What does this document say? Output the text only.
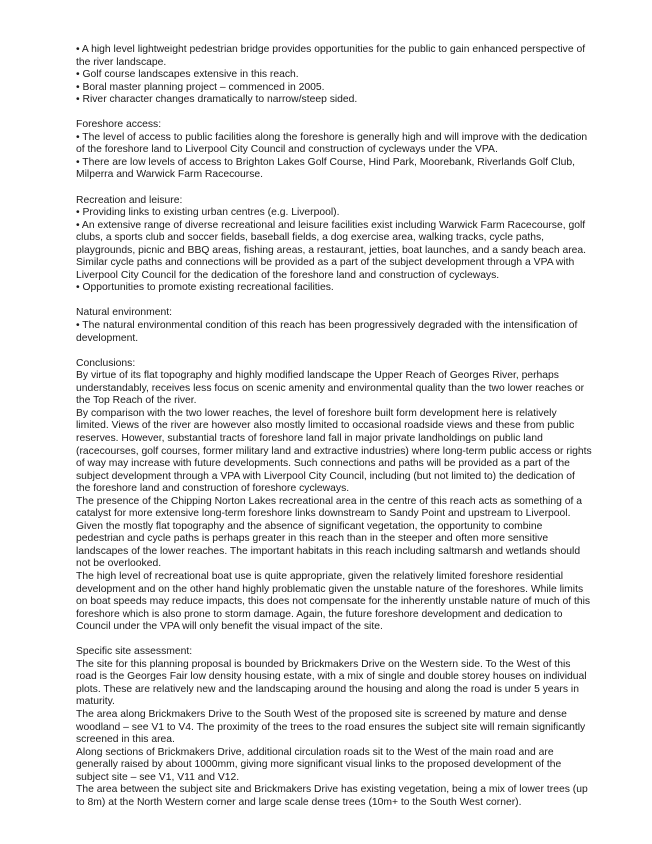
• A high level lightweight pedestrian bridge provides opportunities for the public to gain enhanced perspective of the river landscape.
• Golf course landscapes extensive in this reach.
• Boral master planning project – commenced in 2005.
• River character changes dramatically to narrow/steep sided.
Foreshore access:
• The level of access to public facilities along the foreshore is generally high and will improve with the dedication of the foreshore land to Liverpool City Council and construction of cycleways under the VPA.
• There are low levels of access to Brighton Lakes Golf Course, Hind Park, Moorebank, Riverlands Golf Club, Milperra and Warwick Farm Racecourse.
Recreation and leisure:
• Providing links to existing urban centres (e.g. Liverpool).
• An extensive range of diverse recreational and leisure facilities exist including Warwick Farm Racecourse, golf clubs, a sports club and soccer fields, baseball fields, a dog exercise area, walking tracks, cycle paths, playgrounds, picnic and BBQ areas, fishing areas, a restaurant, jetties, boat launches, and a sandy beach area. Similar cycle paths and connections will be provided as a part of the subject development through a VPA with Liverpool City Council for the dedication of the foreshore land and construction of cycleways.
• Opportunities to promote existing recreational facilities.
Natural environment:
• The natural environmental condition of this reach has been progressively degraded with the intensification of development.
Conclusions:
By virtue of its flat topography and highly modified landscape the Upper Reach of Georges River, perhaps understandably, receives less focus on scenic amenity and environmental quality than the two lower reaches or the Top Reach of the river.
By comparison with the two lower reaches, the level of foreshore built form development here is relatively limited. Views of the river are however also mostly limited to occasional roadside views and these from public reserves. However, substantial tracts of foreshore land fall in major private landholdings on public land (racecourses, golf courses, former military land and extractive industries) where long-term public access or rights of way may increase with future developments. Such connections and paths will be provided as a part of the subject development through a VPA with Liverpool City Council, including (but not limited to) the dedication of the foreshore land and construction of foreshore cycleways.
The presence of the Chipping Norton Lakes recreational area in the centre of this reach acts as something of a catalyst for more extensive long-term foreshore links downstream to Sandy Point and upstream to Liverpool. Given the mostly flat topography and the absence of significant vegetation, the opportunity to combine pedestrian and cycle paths is perhaps greater in this reach than in the steeper and often more sensitive landscapes of the lower reaches. The important habitats in this reach including saltmarsh and wetlands should not be overlooked.
The high level of recreational boat use is quite appropriate, given the relatively limited foreshore residential development and on the other hand highly problematic given the unstable nature of the foreshores. While limits on boat speeds may reduce impacts, this does not compensate for the inherently unstable nature of much of this foreshore which is also prone to storm damage. Again, the future foreshore development and dedication to Council under the VPA will only benefit the visual impact of the site.
Specific site assessment:
The site for this planning proposal is bounded by Brickmakers Drive on the Western side. To the West of this road is the Georges Fair low density housing estate, with a mix of single and double storey houses on individual plots. These are relatively new and the landscaping around the housing and along the road is under 5 years in maturity.
The area along Brickmakers Drive to the South West of the proposed site is screened by mature and dense woodland – see V1 to V4. The proximity of the trees to the road ensures the subject site will remain significantly screened in this area.
Along sections of Brickmakers Drive, additional circulation roads sit to the West of the main road and are generally raised by about 1000mm, giving more significant visual links to the proposed development of the subject site – see V1, V11 and V12.
The area between the subject site and Brickmakers Drive has existing vegetation, being a mix of lower trees (up to 8m) at the North Western corner and large scale dense trees (10m+ to the South West corner).
